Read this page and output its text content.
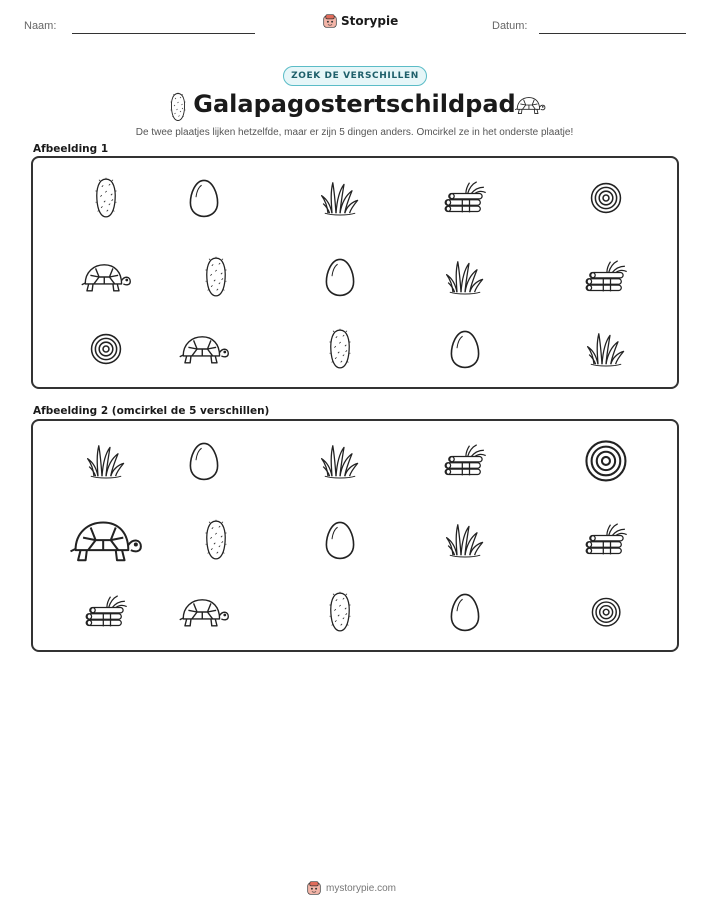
Naam:	Storypie	Datum:
ZOEK DE VERSCHILLEN
Galapagostertschildpad
De twee plaatjes lijken hetzelfde, maar er zijn 5 dingen anders. Omcirkel ze in het onderste plaatje!
Afbeelding 1
Afbeelding 2 (omcirkel de 5 verschillen)
mystorypie.com
